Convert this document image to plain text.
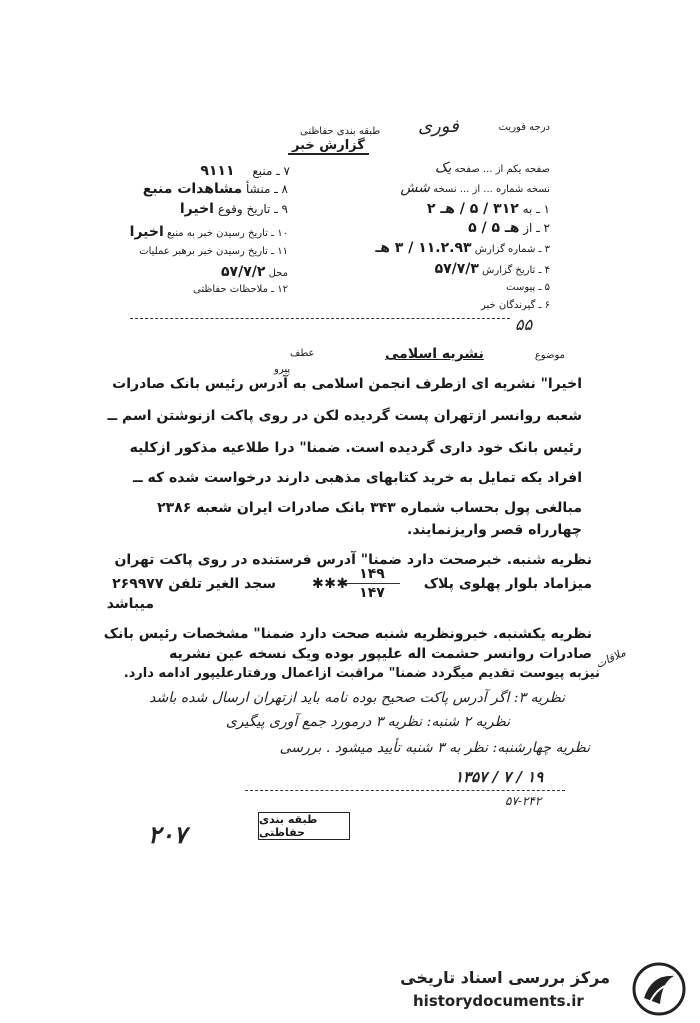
درجه فوریت
فوری
طبقه بندی حفاظتی
گزارش خبر
۷ ـ منبع ۹۱۱۱
۸ ـ منشأ مشاهدات منبع
۹ ـ تاریخ وقوع اخیرا
۱۰ ـ تاریخ رسیدن خبر به منبع اخیرا
۱۱ ـ تاریخ رسیدن خبر برهبر عملیات
محل ۵۷/۷/۲
۱۲ ـ ملاحظات حفاظتی
صفحه یکم از ... صفحه یک
نسخه شماره ... از ... نسخه شش
۱ ـ به ۳۱۲ / ۵ / هـ ۲
۲ ـ از هـ ۵ / ۵
۳ ـ شماره گزارش ۱۱.۲.۹۳ / ۳ هـ
۴ ـ تاریخ گزارش ۵۷/۷/۳
۵ ـ پیوست
۶ ـ گیرندگان خبر
۵۵
عطف
پیرو
موضوع
نشریه اسلامی
اخیرا" نشریه ای ازطرف انجمن اسلامی به آدرس رئیس بانک صادرات
شعبه روانسر ازتهران پست گردیده لکن در روی پاکت ازنوشتن اسم ــ
رئیس بانک خود داری گردیده است. ضمنا" درا طلاعیه مذکور ازکلیه
افراد یکه تمایل به خرید کتابهای مذهبی دارند درخواست شده که ــ
مبالغی پول بحساب شماره ۳۴۳ بانک صادرات ایران شعبه ۲۳۸۶
چهارراه قصر واریزنمایند.
نظریه شنبه. خبرصحت دارد ضمنا" آدرس فرستنده در روی پاکت تهران
میزاماد بلوار پهلوی پلاک
۱۴۹
۱۴۷
✱✱✱
سجد الغیر تلفن ۲۶۹۹۷۷
میباشد
نظریه یکشنبه. خبرونظریه شنبه صحت دارد ضمنا" مشخصات رئیس بانک
صادرات روانسر حشمت اله علیپور بوده ویک نسخه عین نشریه ملاقات
نیزبه پیوست تقدیم میگردد ضمنا" مراقبت ازاعمال ورفتارعلیپور ادامه دارد.
نظریه ۳: اگر آدرس پاکت صحیح بوده نامه باید ازتهران ارسال شده باشد
نظریه ۲ شنبه: نظریه ۳ درمورد جمع آوری پیگیری
نظریه چهارشنبه: نظر به ۳ شنبه تأیید میشود . بررسی
۱۳۵۷ / ۷ / ۱۹
۵۷-۲۴۲
طبقه بندی حفاظتی
۲۰۷
مرکز بررسی اسناد تاریخی
historydocuments.ir
